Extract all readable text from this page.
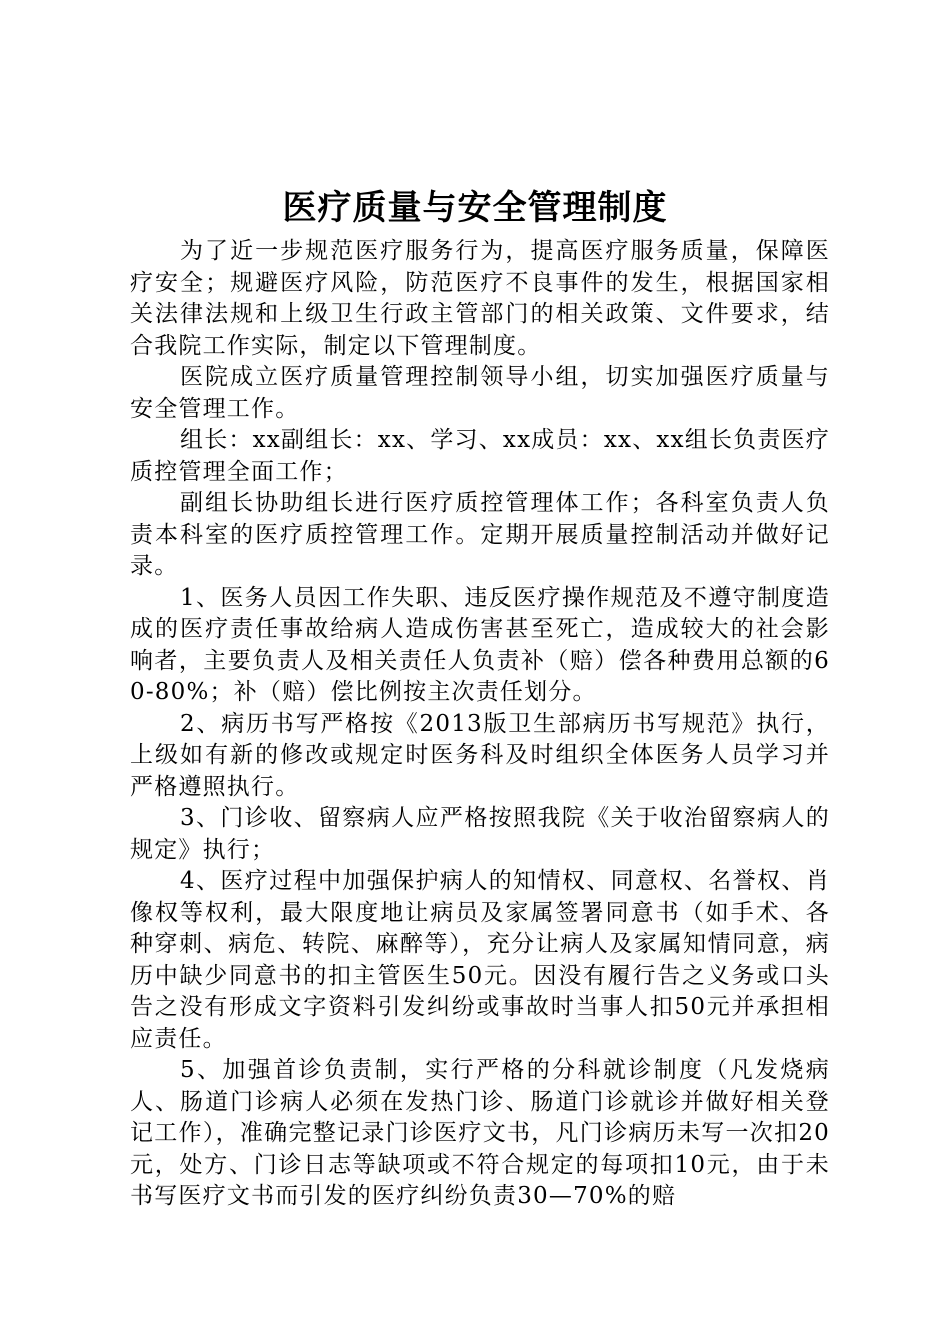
医疗质量与安全管理制度

为了近一步规范医疗服务行为，提高医疗服务质量，保障医疗安全；规避医疗风险，防范医疗不良事件的发生，根据国家相关法律法规和上级卫生行政主管部门的相关政策、文件要求，结合我院工作实际，制定以下管理制度。

医院成立医疗质量管理控制领导小组，切实加强医疗质量与安全管理工作。

组长：xx副组长：xx、学习、xx成员：xx、xx组长负责医疗质控管理全面工作；

副组长协助组长进行医疗质控管理体工作；各科室负责人负责本科室的医疗质控管理工作。定期开展质量控制活动并做好记录。

1、医务人员因工作失职、违反医疗操作规范及不遵守制度造成的医疗责任事故给病人造成伤害甚至死亡，造成较大的社会影响者，主要负责人及相关责任人负责补（赔）偿各种费用总额的60-80%；补（赔）偿比例按主次责任划分。

2、病历书写严格按《2013版卫生部病历书写规范》执行，上级如有新的修改或规定时医务科及时组织全体医务人员学习并严格遵照执行。

3、门诊收、留察病人应严格按照我院《关于收治留察病人的规定》执行；

4、医疗过程中加强保护病人的知情权、同意权、名誉权、肖像权等权利，最大限度地让病员及家属签署同意书（如手术、各种穿刺、病危、转院、麻醉等），充分让病人及家属知情同意，病历中缺少同意书的扣主管医生50元。因没有履行告之义务或口头告之没有形成文字资料引发纠纷或事故时当事人扣50元并承担相应责任。

5、加强首诊负责制，实行严格的分科就诊制度（凡发烧病人、肠道门诊病人必须在发热门诊、肠道门诊就诊并做好相关登记工作），准确完整记录门诊医疗文书，凡门诊病历未写一次扣20元，处方、门诊日志等缺项或不符合规定的每项扣10元，由于未书写医疗文书而引发的医疗纠纷负责30—70%的赔
